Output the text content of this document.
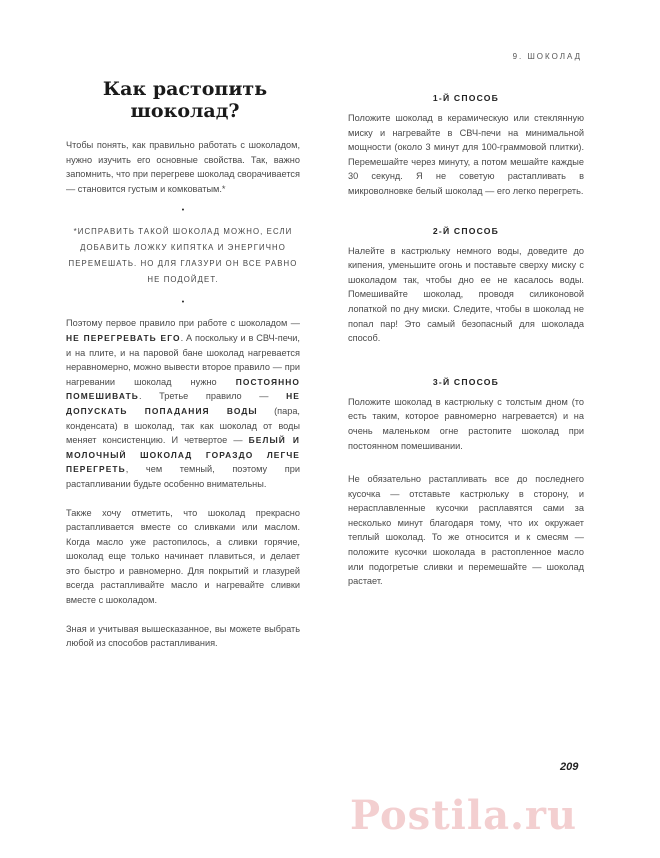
9. ШОКОЛАД
Как растопить шоколад?

Чтобы понять, как правильно работать с шоколадом, нужно изучить его основные свойства. Так, важно запомнить, что при перегреве шоколад сворачивается — становится густым и комковатым.*

•

*ИСПРАВИТЬ ТАКОЙ ШОКОЛАД МОЖНО, ЕСЛИ ДОБАВИТЬ ЛОЖКУ КИПЯТКА И ЭНЕРГИЧНО ПЕРЕМЕШАТЬ. НО ДЛЯ ГЛАЗУРИ ОН ВСЕ РАВНО НЕ ПОДОЙДЕТ.

•

Поэтому первое правило при работе с шоколадом — НЕ ПЕРЕГРЕВАТЬ ЕГО. А поскольку и в СВЧ-печи, и на плите, и на паровой бане шоколад нагревается неравномерно, можно вывести второе правило — при нагревании шоколад нужно ПОСТОЯННО ПОМЕШИВАТЬ. Третье правило — НЕ ДОПУСКАТЬ ПОПАДАНИЯ ВОДЫ (пара, конденсата) в шоколад, так как шоколад от воды меняет консистенцию. И четвертое — БЕЛЫЙ И МОЛОЧНЫЙ ШОКОЛАД ГОРАЗДО ЛЕГЧЕ ПЕРЕГРЕТЬ, чем темный, поэтому при растапливании будьте особенно внимательны.

Также хочу отметить, что шоколад прекрасно растапливается вместе со сливками или маслом. Когда масло уже растопилось, а сливки горячие, шоколад еще только начинает плавиться, и делает это быстро и равномерно. Для покрытий и глазурей всегда растапливайте масло и нагревайте сливки вместе с шоколадом.

Зная и учитывая вышесказанное, вы можете выбрать любой из способов растапливания.

1-Й СПОСОБ

Положите шоколад в керамическую или стеклянную миску и нагревайте в СВЧ-печи на минимальной мощности (около 3 минут для 100-граммовой плитки). Перемешайте через минуту, а потом мешайте каждые 30 секунд. Я не советую растапливать в микроволновке белый шоколад — его легко перегреть.

2-Й СПОСОБ

Налейте в кастрюльку немного воды, доведите до кипения, уменьшите огонь и поставьте сверху миску с шоколадом так, чтобы дно ее не касалось воды. Помешивайте шоколад, проводя силиконовой лопаткой по дну миски. Следите, чтобы в шоколад не попал пар! Это самый безопасный для шоколада способ.

3-Й СПОСОБ

Положите шоколад в кастрюльку с толстым дном (то есть таким, которое равномерно нагревается) и на очень маленьком огне растопите шоколад при постоянном помешивании.

Не обязательно растапливать все до последнего кусочка — отставьте кастрюльку в сторону, и нерасплавленные кусочки расплавятся сами за несколько минут благодаря тому, что их окружает теплый шоколад. То же относится и к смесям — положите кусочки шоколада в растопленное масло или подогретые сливки и перемешайте — шоколад растает.

209
Postila.ru
